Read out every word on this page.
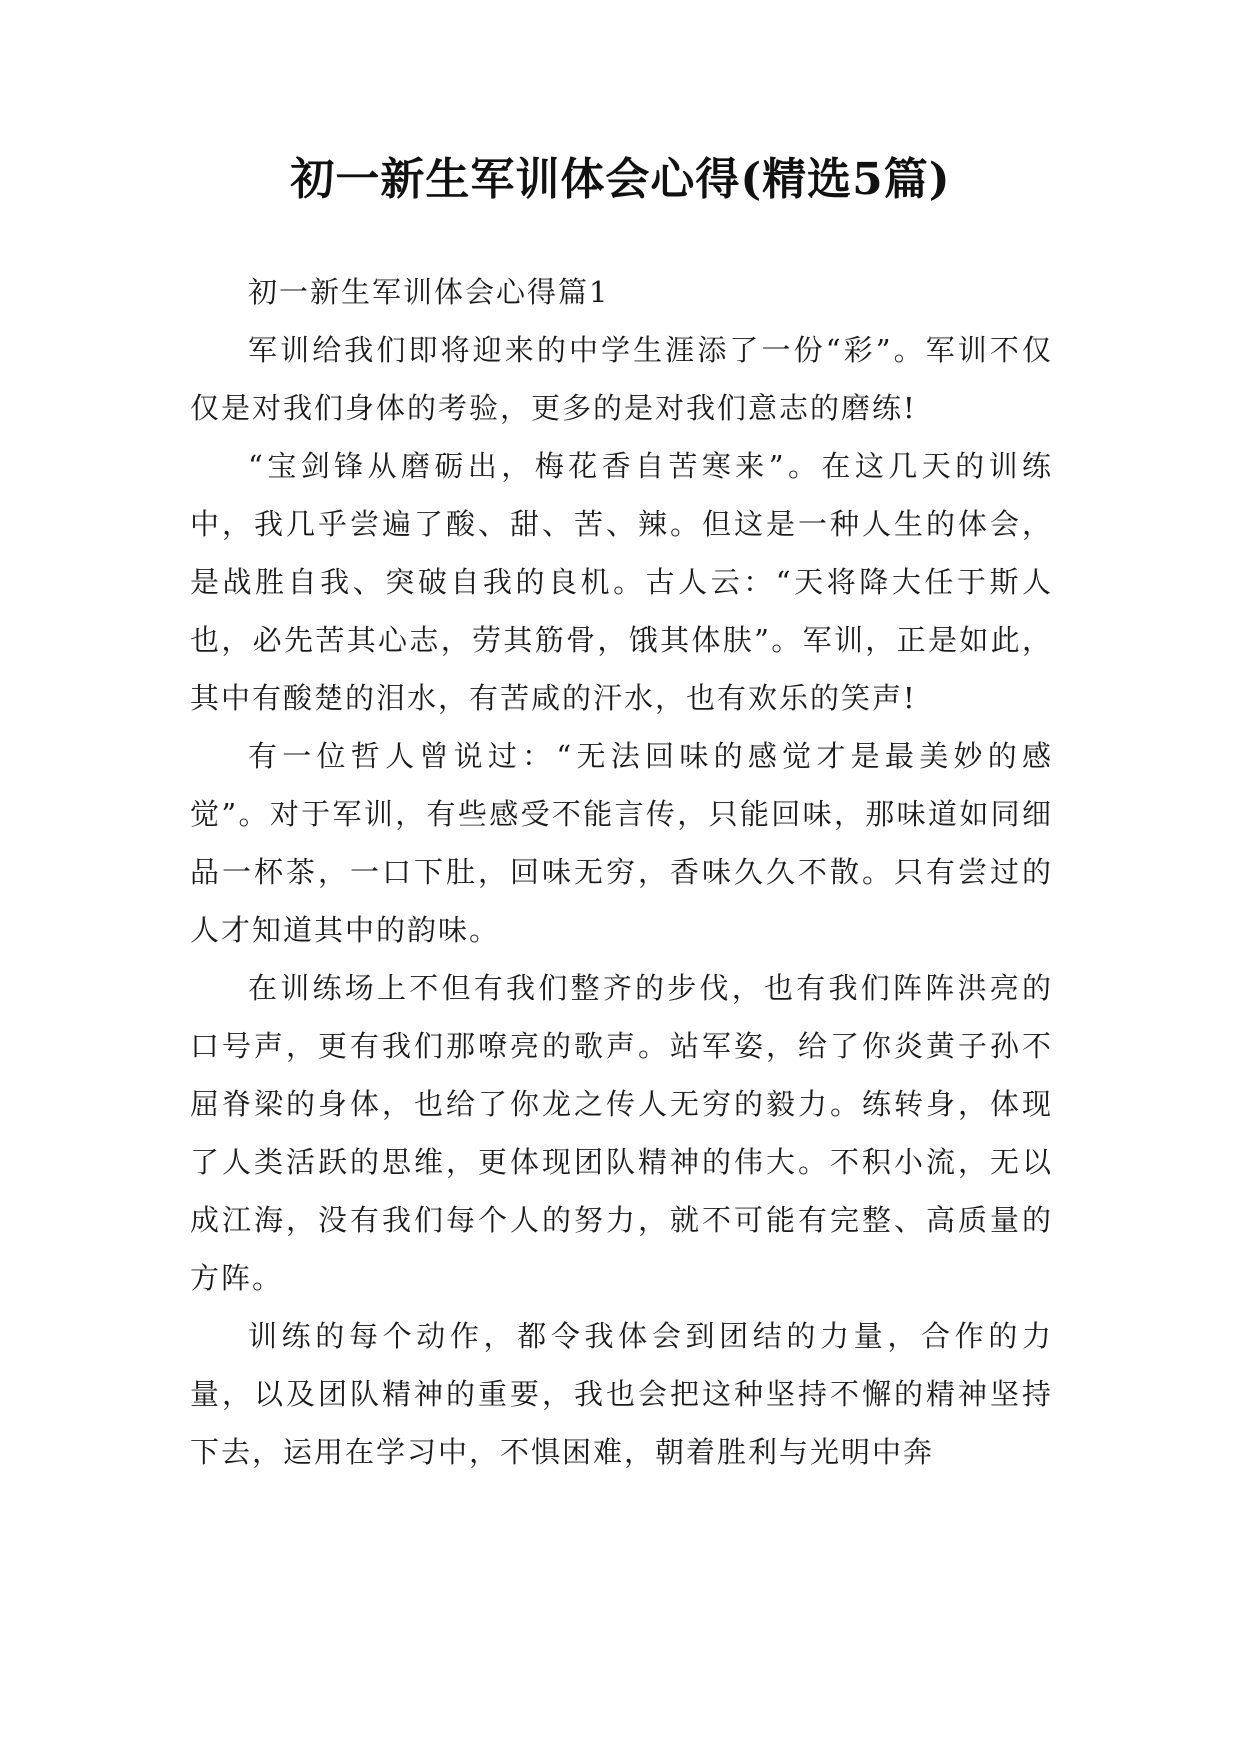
初一新生军训体会心得(精选5篇)

初一新生军训体会心得篇1

军训给我们即将迎来的中学生涯添了一份“彩”。军训不仅仅是对我们身体的考验，更多的是对我们意志的磨练!

“宝剑锋从磨砺出，梅花香自苦寒来”。在这几天的训练中，我几乎尝遍了酸、甜、苦、辣。但这是一种人生的体会，是战胜自我、突破自我的良机。古人云：“天将降大任于斯人也，必先苦其心志，劳其筋骨，饿其体肤”。军训，正是如此，其中有酸楚的泪水，有苦咸的汗水，也有欢乐的笑声!

有一位哲人曾说过：“无法回味的感觉才是最美妙的感觉”。对于军训，有些感受不能言传，只能回味，那味道如同细品一杯茶，一口下肚，回味无穷，香味久久不散。只有尝过的人才知道其中的韵味。

在训练场上不但有我们整齐的步伐，也有我们阵阵洪亮的口号声，更有我们那嘹亮的歌声。站军姿，给了你炎黄子孙不屈脊梁的身体，也给了你龙之传人无穷的毅力。练转身，体现了人类活跃的思维，更体现团队精神的伟大。不积小流，无以成江海，没有我们每个人的努力，就不可能有完整、高质量的方阵。

训练的每个动作，都令我体会到团结的力量，合作的力量，以及团队精神的重要，我也会把这种坚持不懈的精神坚持下去，运用在学习中，不惧困难，朝着胜利与光明中奔
